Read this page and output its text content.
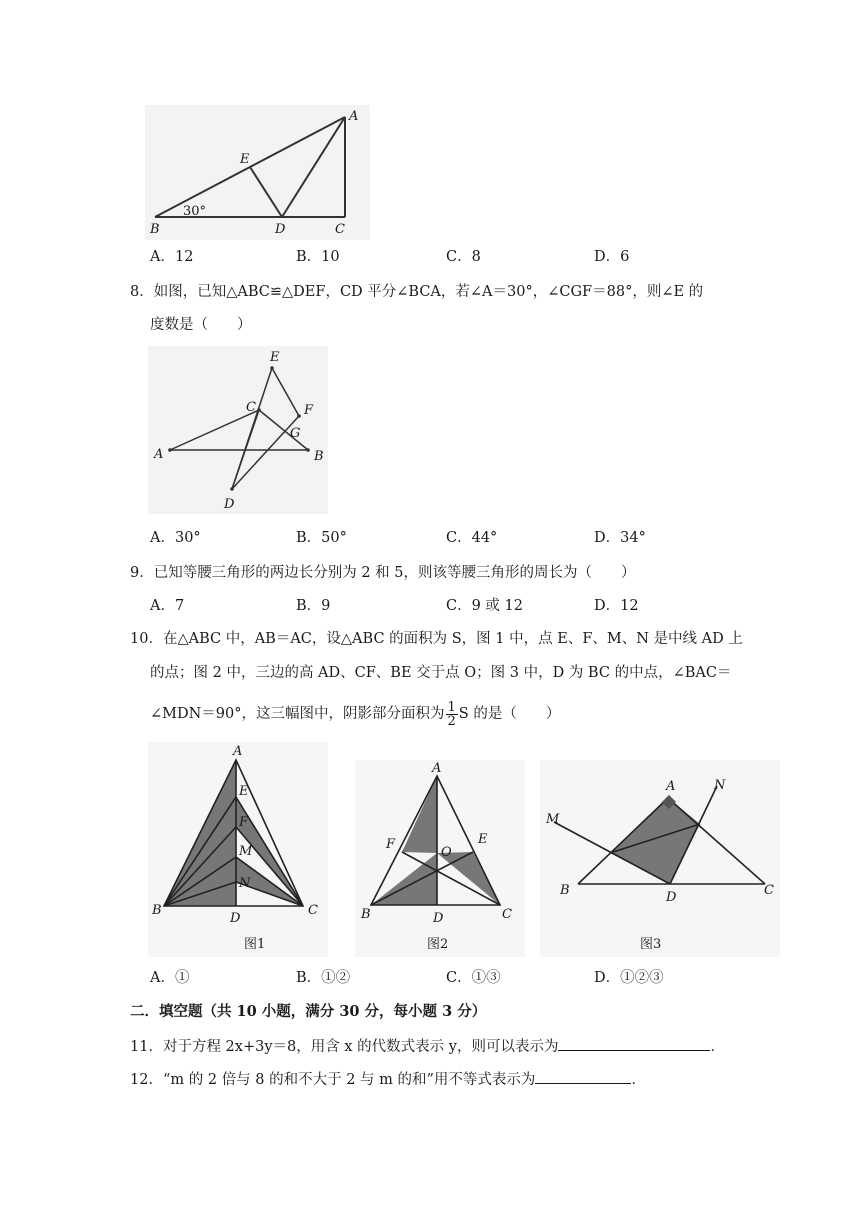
A
E
B	D	C
30°
A．12	B．10	C．8	D．6
8．如图，已知△ABC≌△DEF，CD 平分∠BCA，若∠A＝30°，∠CGF＝88°，则∠E 的
度数是（　　）
E
C	F
G
A	B
D
A．30°	B．50°	C．44°	D．34°
9．已知等腰三角形的两边长分别为 2 和 5，则该等腰三角形的周长为（　　）
A．7	B．9	C．9 或 12	D．12
10．在△ABC 中，AB＝AC，设△ABC 的面积为 S，图 1 中，点 E、F、M、N 是中线 AD 上
的点；图 2 中，三边的高 AD、CF、BE 交于点 O；图 3 中，D 为 BC 的中点，∠BAC＝
∠MDN＝90°，这三幅图中，阴影部分面积为 $\frac{1}{2}$ S 的是（　　）
A
E
F
M
N
B
D
C
图1
A
F	E
O
B	D	C
图2
A	N
M
B	D	C
图3
A．①	B．①②	C．①③	D．①②③
二．填空题（共 10 小题，满分 30 分，每小题 3 分）
11．对于方程 2x+3y＝8，用含 x 的代数式表示 y，则可以表示为	．
12．“m 的 2 倍与 8 的和不大于 2 与 m 的和”用不等式表示为	．
